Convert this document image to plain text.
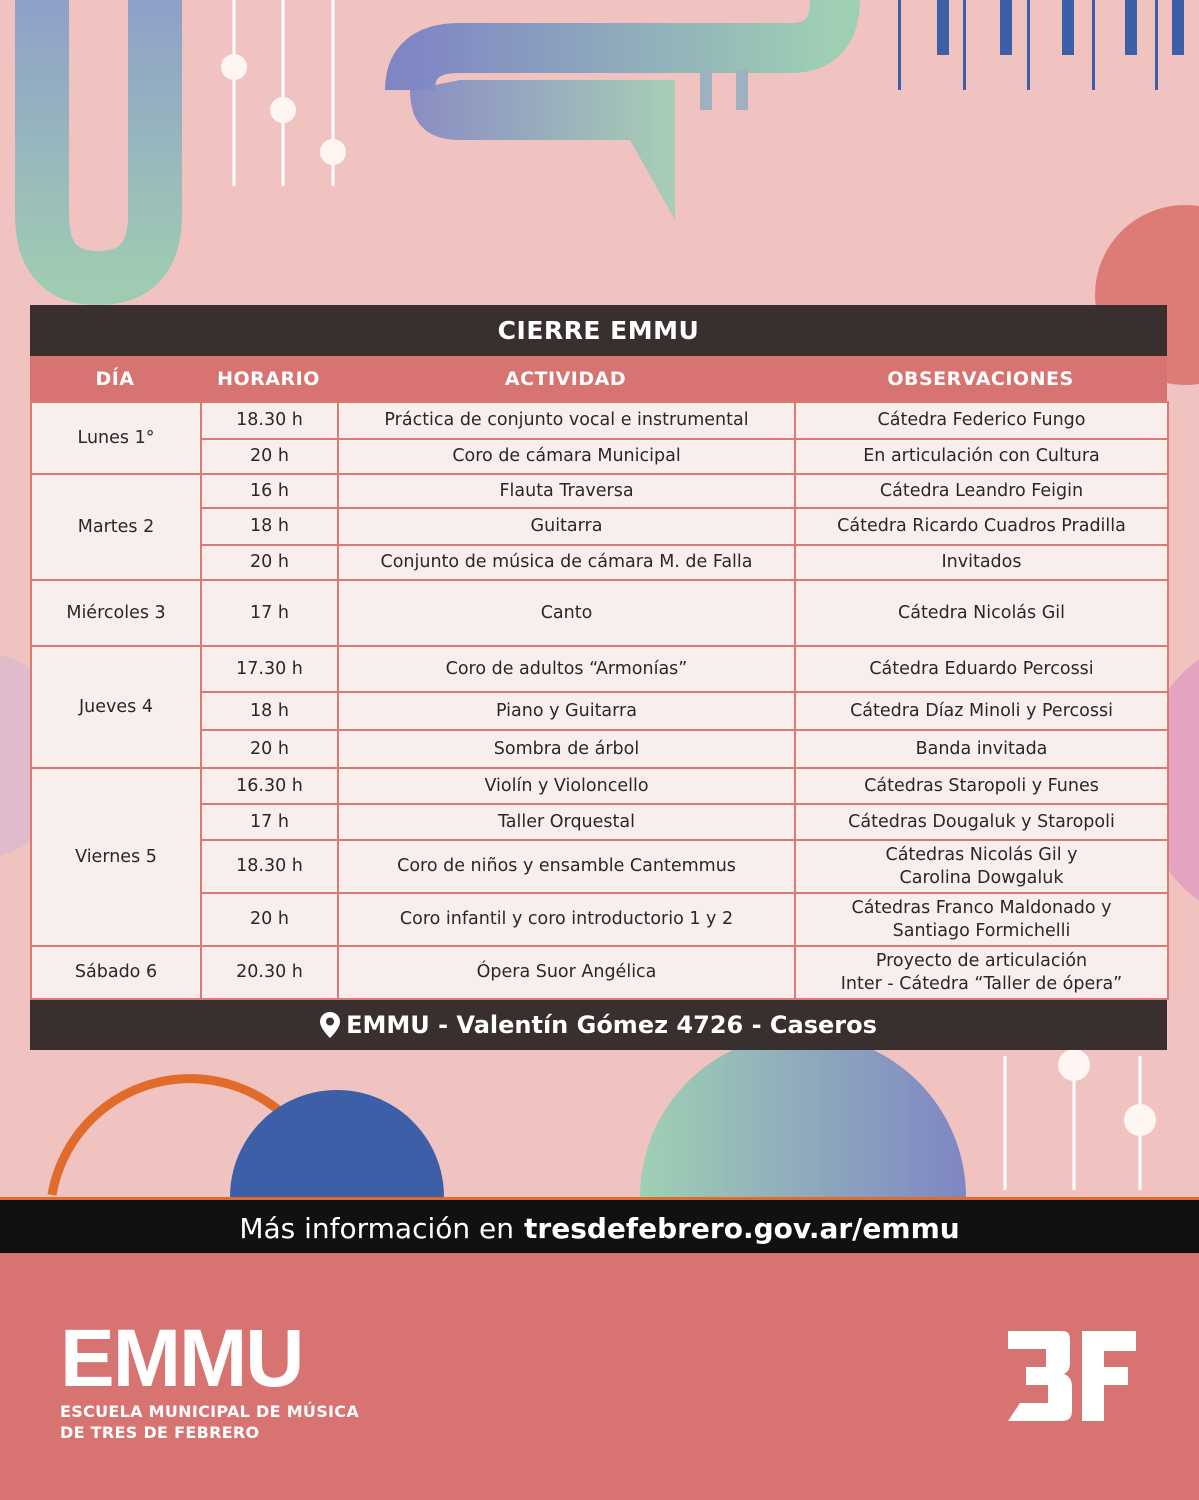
CIERRE EMMU
DÍA	HORARIO	ACTIVIDAD	OBSERVACIONES
Lunes 1°	18.30 h	Práctica de conjunto vocal e instrumental	Cátedra Federico Fungo
	20 h	Coro de cámara Municipal	En articulación con Cultura
Martes 2	16 h	Flauta Traversa	Cátedra Leandro Feigin
	18 h	Guitarra	Cátedra Ricardo Cuadros Pradilla
	20 h	Conjunto de música de cámara M. de Falla	Invitados
Miércoles 3	17 h	Canto	Cátedra Nicolás Gil
Jueves 4	17.30 h	Coro de adultos “Armonías”	Cátedra Eduardo Percossi
	18 h	Piano y Guitarra	Cátedra Díaz Minoli y Percossi
	20 h	Sombra de árbol	Banda invitada
Viernes 5	16.30 h	Violín y Violoncello	Cátedras Staropoli y Funes
	17 h	Taller Orquestal	Cátedras Dougaluk y Staropoli
	18.30 h	Coro de niños y ensamble Cantemmus	Cátedras Nicolás Gil y
Carolina Dowgaluk

	20 h	Coro infantil y coro introductorio 1 y 2	Cátedras Franco Maldonado y
Santiago Formichelli

Sábado 6	20.30 h	Ópera Suor Angélica	Proyecto de articulación
Inter - Cátedra “Taller de ópera”
EMMU - Valentín Gómez 4726 - Caseros
Más información en tresdefebrero.gov.ar/emmu
EMMU
ESCUELA MUNICIPAL DE MÚSICA
DE TRES DE FEBRERO
